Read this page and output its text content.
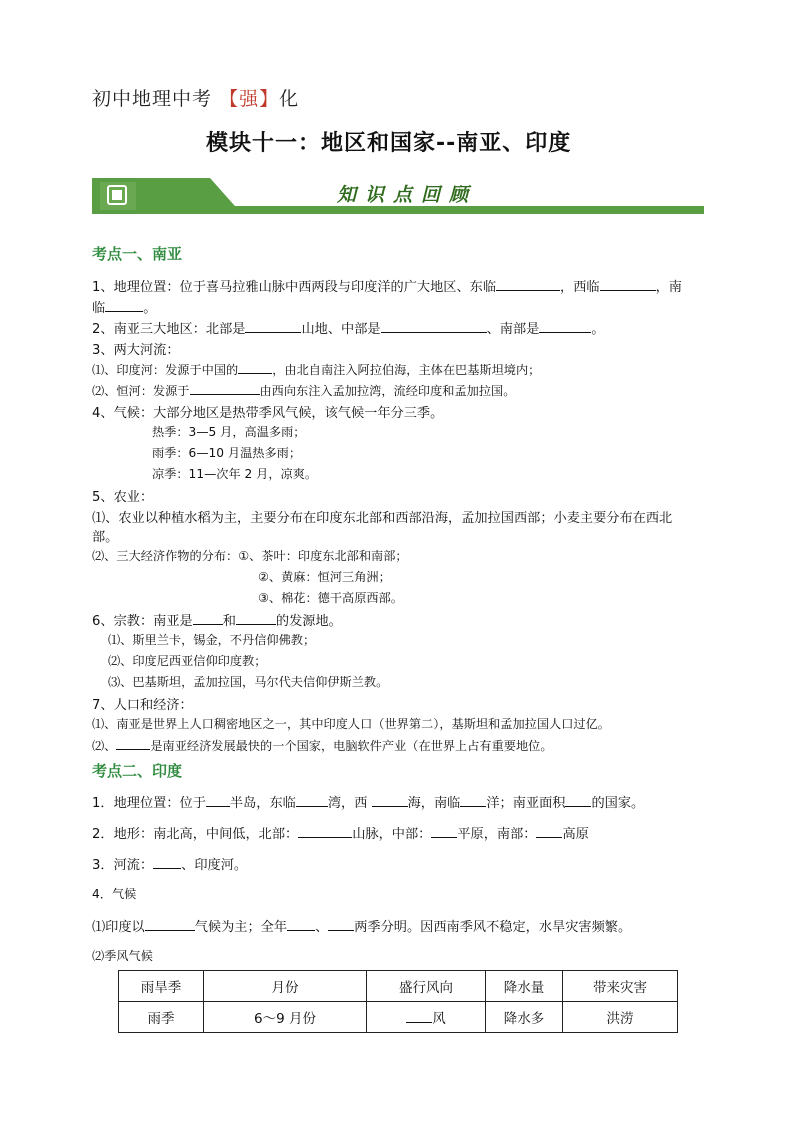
初中地理中考 【强】化
模块十一：地区和国家--南亚、印度
知识点回顾
考点一、南亚
1、地理位置：位于喜马拉雅山脉中西两段与印度洋的广大地区、东临	，西临	，南
临	。
2、南亚三大地区：北部是	山地、中部是	、南部是	。
3、两大河流：
⑴、印度河：发源于中国的	，由北自南注入阿拉伯海，主体在巴基斯坦境内；
⑵、恒河：发源于	由西向东注入孟加拉湾，流经印度和孟加拉国。
4、气候：大部分地区是热带季风气候，该气候一年分三季。
热季：3—5 月，高温多雨；
雨季：6—10 月温热多雨；
凉季：11—次年 2 月，凉爽。
5、农业：
⑴、农业以种植水稻为主，主要分布在印度东北部和西部沿海，孟加拉国西部；小麦主要分布在西北
部。
⑵、三大经济作物的分布：①、茶叶：印度东北部和南部；
②、黄麻：恒河三角洲；
③、棉花：德干高原西部。
6、宗教：南亚是 和	的发源地。
⑴、斯里兰卡，锡金，不丹信仰佛教；
⑵、印度尼西亚信仰印度教；
⑶、巴基斯坦，孟加拉国，马尔代夫信仰伊斯兰教。
7、人口和经济：
⑴、南亚是世界上人口稠密地区之一，其中印度人口（世界第二），基斯坦和孟加拉国人口过亿。
⑵、	是南亚经济发展最快的一个国家，电脑软件产业（在世界上占有重要地位。
考点二、印度
1．地理位置：位于 半岛，东临 湾，西	海，南临 洋；南亚面积 的国家。
2．地形：南北高，中间低，北部：	山脉，中部： 平原，南部： 高原
3．河流： 、印度河。
4．气候
⑴印度以	气候为主；全年 、 两季分明。因西南季风不稳定，水旱灾害频繁。
⑵季风气候
雨旱季	月份	盛行风向	降水量	带来灾害
雨季	6～9 月份	风	降水多	洪涝
